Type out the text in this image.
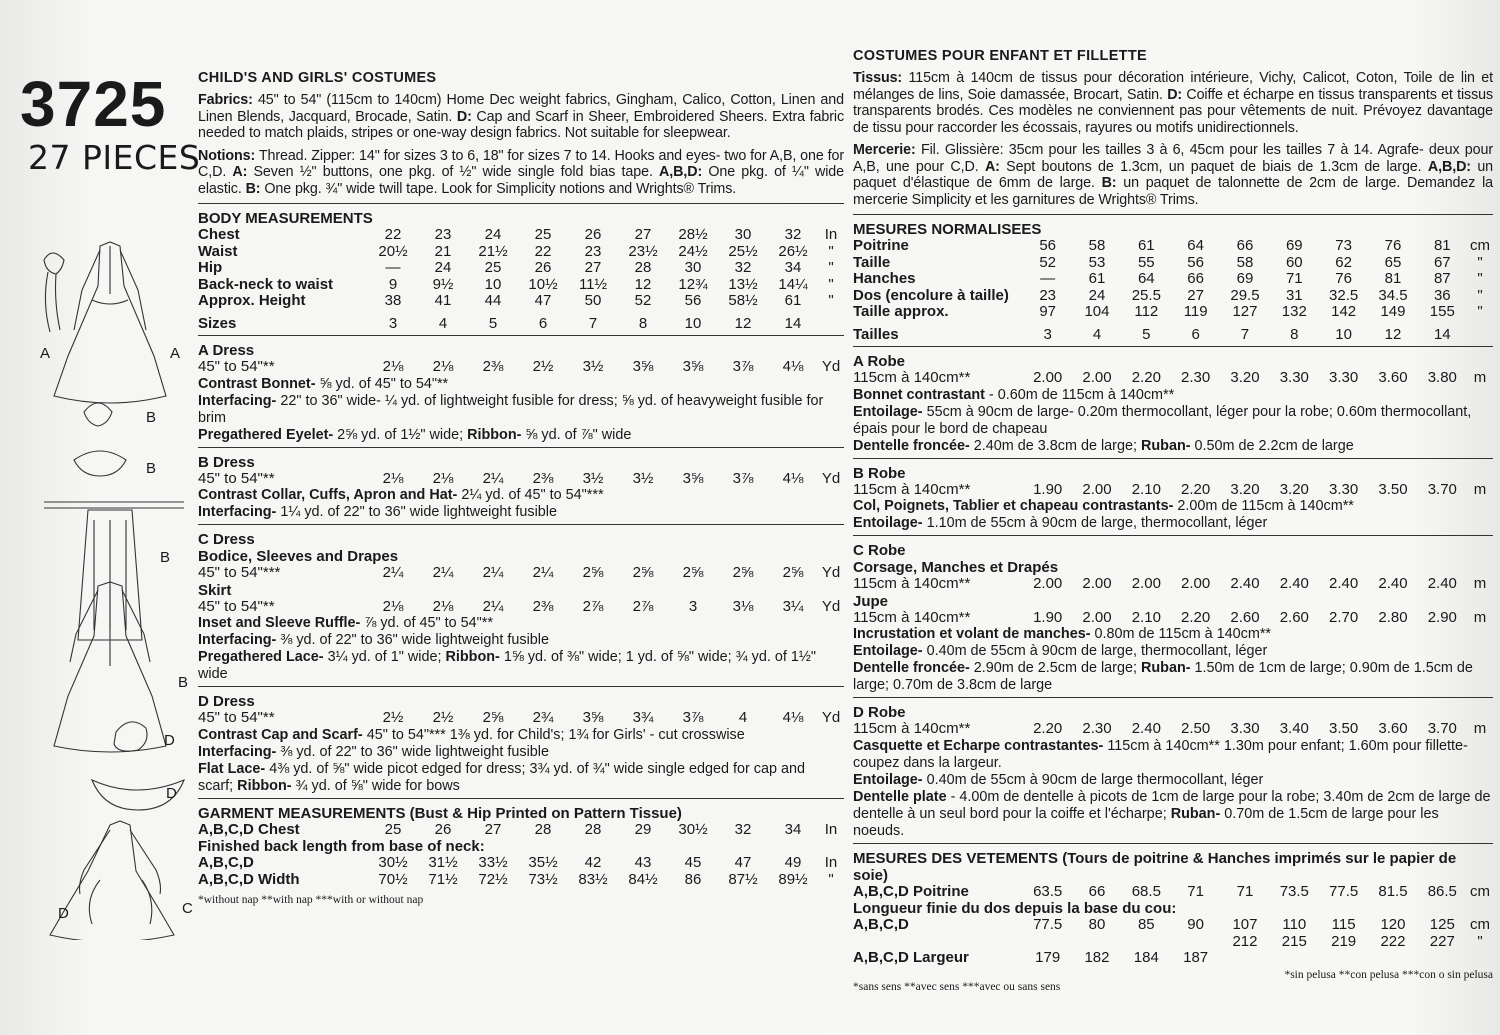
3725
27 PIECES
A	A
B
B
B
B
D
D
D	C
CHILD'S AND GIRLS' COSTUMES

Fabrics: 45" to 54" (115cm to 140cm) Home Dec weight fabrics, Gingham, Calico, Cotton, Linen and Linen Blends, Jacquard, Brocade, Satin. D: Cap and Scarf in Sheer, Embroidered Sheers. Extra fabric needed to match plaids, stripes or one-way design fabrics. Not suitable for sleepwear.

Notions: Thread. Zipper: 14" for sizes 3 to 6, 18" for sizes 7 to 14. Hooks and eyes- two for A,B, one for C,D. A: Seven ½" buttons, one pkg. of ½" wide single fold bias tape. A,B,D: One pkg. of ¼" wide elastic. B: One pkg. ¾" wide twill tape. Look for Simplicity notions and Wrights® Trims.

BODY MEASUREMENTS
Chest	22	23	24	25	26	27	28½	30	32	In
Waist	20½	21	21½	22	23	23½	24½	25½	26½	"
Hip	—	24	25	26	27	28	30	32	34	"
Back-neck to waist	9	9½	10	10½	11½	12	12¾	13½	14¼	"
Approx. Height	38	41	44	47	50	52	56	58½	61	"
Sizes	3	4	5	6	7	8	10	12	14	
A Dress
45" to 54"**	2⅛	2⅛	2⅜	2½	3½	3⅝	3⅝	3⅞	4⅛	Yd
Contrast Bonnet- ⅝ yd. of 45" to 54"**
Interfacing- 22" to 36" wide- ¼ yd. of lightweight fusible for dress; ⅝ yd. of heavyweight fusible for brim
Pregathered Eyelet- 2⅝ yd. of 1½" wide; Ribbon- ⅝ yd. of ⅞" wide
B Dress
45" to 54"**	2⅛	2⅛	2¼	2⅜	3½	3½	3⅝	3⅞	4⅛	Yd
Contrast Collar, Cuffs, Apron and Hat- 2¼ yd. of 45" to 54"***
Interfacing- 1¼ yd. of 22" to 36" wide lightweight fusible
C Dress
Bodice, Sleeves and Drapes
45" to 54"***	2¼	2¼	2¼	2¼	2⅝	2⅝	2⅝	2⅝	2⅝	Yd
Skirt
45" to 54"**	2⅛	2⅛	2¼	2⅜	2⅞	2⅞	3	3⅛	3¼	Yd
Inset and Sleeve Ruffle- ⅞ yd. of 45" to 54"**
Interfacing- ⅜ yd. of 22" to 36" wide lightweight fusible
Pregathered Lace- 3¼ yd. of 1" wide; Ribbon- 1⅝ yd. of ⅜" wide; 1 yd. of ⅝" wide; ¾ yd. of 1½" wide
D Dress
45" to 54"**	2½	2½	2⅝	2¾	3⅝	3¾	3⅞	4	4⅛	Yd
Contrast Cap and Scarf- 45" to 54"*** 1⅜ yd. for Child's; 1¾ for Girls' - cut crosswise
Interfacing- ⅜ yd. of 22" to 36" wide lightweight fusible
Flat Lace- 4⅜ yd. of ⅝" wide picot edged for dress; 3¾ yd. of ¾" wide single edged for cap and scarf; Ribbon- ¾ yd. of ⅝" wide for bows
GARMENT MEASUREMENTS (Bust & Hip Printed on Pattern Tissue)
A,B,C,D Chest	25	26	27	28	28	29	30½	32	34	In
Finished back length from base of neck:
A,B,C,D	30½	31½	33½	35½	42	43	45	47	49	In
A,B,C,D Width	70½	71½	72½	73½	83½	84½	86	87½	89½	"
*without nap **with nap ***with or without nap
COSTUMES POUR ENFANT ET FILLETTE

Tissus: 115cm à 140cm de tissus pour décoration intérieure, Vichy, Calicot, Coton, Toile de lin et mélanges de lins, Soie damassée, Brocart, Satin. D: Coiffe et écharpe en tissus transparents et tissus transparents brodés. Ces modèles ne conviennent pas pour vêtements de nuit. Prévoyez davantage de tissu pour raccorder les écossais, rayures ou motifs unidirectionnels.

Mercerie: Fil. Glissière: 35cm pour les tailles 3 à 6, 45cm pour les tailles 7 à 14. Agrafe- deux pour A,B, une pour C,D. A: Sept boutons de 1.3cm, un paquet de biais de 1.3cm de large. A,B,D: un paquet d'élastique de 6mm de large. B: un paquet de talonnette de 2cm de large. Demandez la mercerie Simplicity et les garnitures de Wrights® Trims.

MESURES NORMALISEES
Poitrine	56	58	61	64	66	69	73	76	81	cm
Taille	52	53	55	56	58	60	62	65	67	"
Hanches	—	61	64	66	69	71	76	81	87	"
Dos (encolure à taille)	23	24	25.5	27	29.5	31	32.5	34.5	36	"
Taille approx.	97	104	112	119	127	132	142	149	155	"
Tailles	3	4	5	6	7	8	10	12	14	
A Robe
115cm à 140cm**	2.00	2.00	2.20	2.30	3.20	3.30	3.30	3.60	3.80	m
Bonnet contrastant - 0.60m de 115cm à 140cm**
Entoilage- 55cm à 90cm de large- 0.20m thermocollant, léger pour la robe; 0.60m thermocollant, épais pour le bord de chapeau
Dentelle froncée- 2.40m de 3.8cm de large; Ruban- 0.50m de 2.2cm de large
B Robe
115cm à 140cm**	1.90	2.00	2.10	2.20	3.20	3.20	3.30	3.50	3.70	m
Col, Poignets, Tablier et chapeau contrastants- 2.00m de 115cm à 140cm**
Entoilage- 1.10m de 55cm à 90cm de large, thermocollant, léger
C Robe
Corsage, Manches et Drapés
115cm à 140cm**	2.00	2.00	2.00	2.00	2.40	2.40	2.40	2.40	2.40	m
Jupe
115cm à 140cm**	1.90	2.00	2.10	2.20	2.60	2.60	2.70	2.80	2.90	m
Incrustation et volant de manches- 0.80m de 115cm à 140cm**
Entoilage- 0.40m de 55cm à 90cm de large, thermocollant, léger
Dentelle froncée- 2.90m de 2.5cm de large; Ruban- 1.50m de 1cm de large; 0.90m de 1.5cm de large; 0.70m de 3.8cm de large
D Robe
115cm à 140cm**	2.20	2.30	2.40	2.50	3.30	3.40	3.50	3.60	3.70	m
Casquette et Echarpe contrastantes- 115cm à 140cm** 1.30m pour enfant; 1.60m pour fillette- coupez dans la largeur.
Entoilage- 0.40m de 55cm à 90cm de large thermocollant, léger
Dentelle plate - 4.00m de dentelle à picots de 1cm de large pour la robe; 3.40m de 2cm de large de dentelle à un seul bord pour la coiffe et l'écharpe; Ruban- 0.70m de 1.5cm de large pour les noeuds.
MESURES DES VETEMENTS (Tours de poitrine & Hanches imprimés sur le papier de soie)
A,B,C,D Poitrine	63.5	66	68.5	71	71	73.5	77.5	81.5	86.5	cm
Longueur finie du dos depuis la base du cou:
A,B,C,D	77.5	80	85	90	107	110	115	120	125	cm
					212	215	219	222	227	"
A,B,C,D Largeur	179	182	184	187						
*sin pelusa **con pelusa ***con o sin pelusa
*sans sens **avec sens ***avec ou sans sens
